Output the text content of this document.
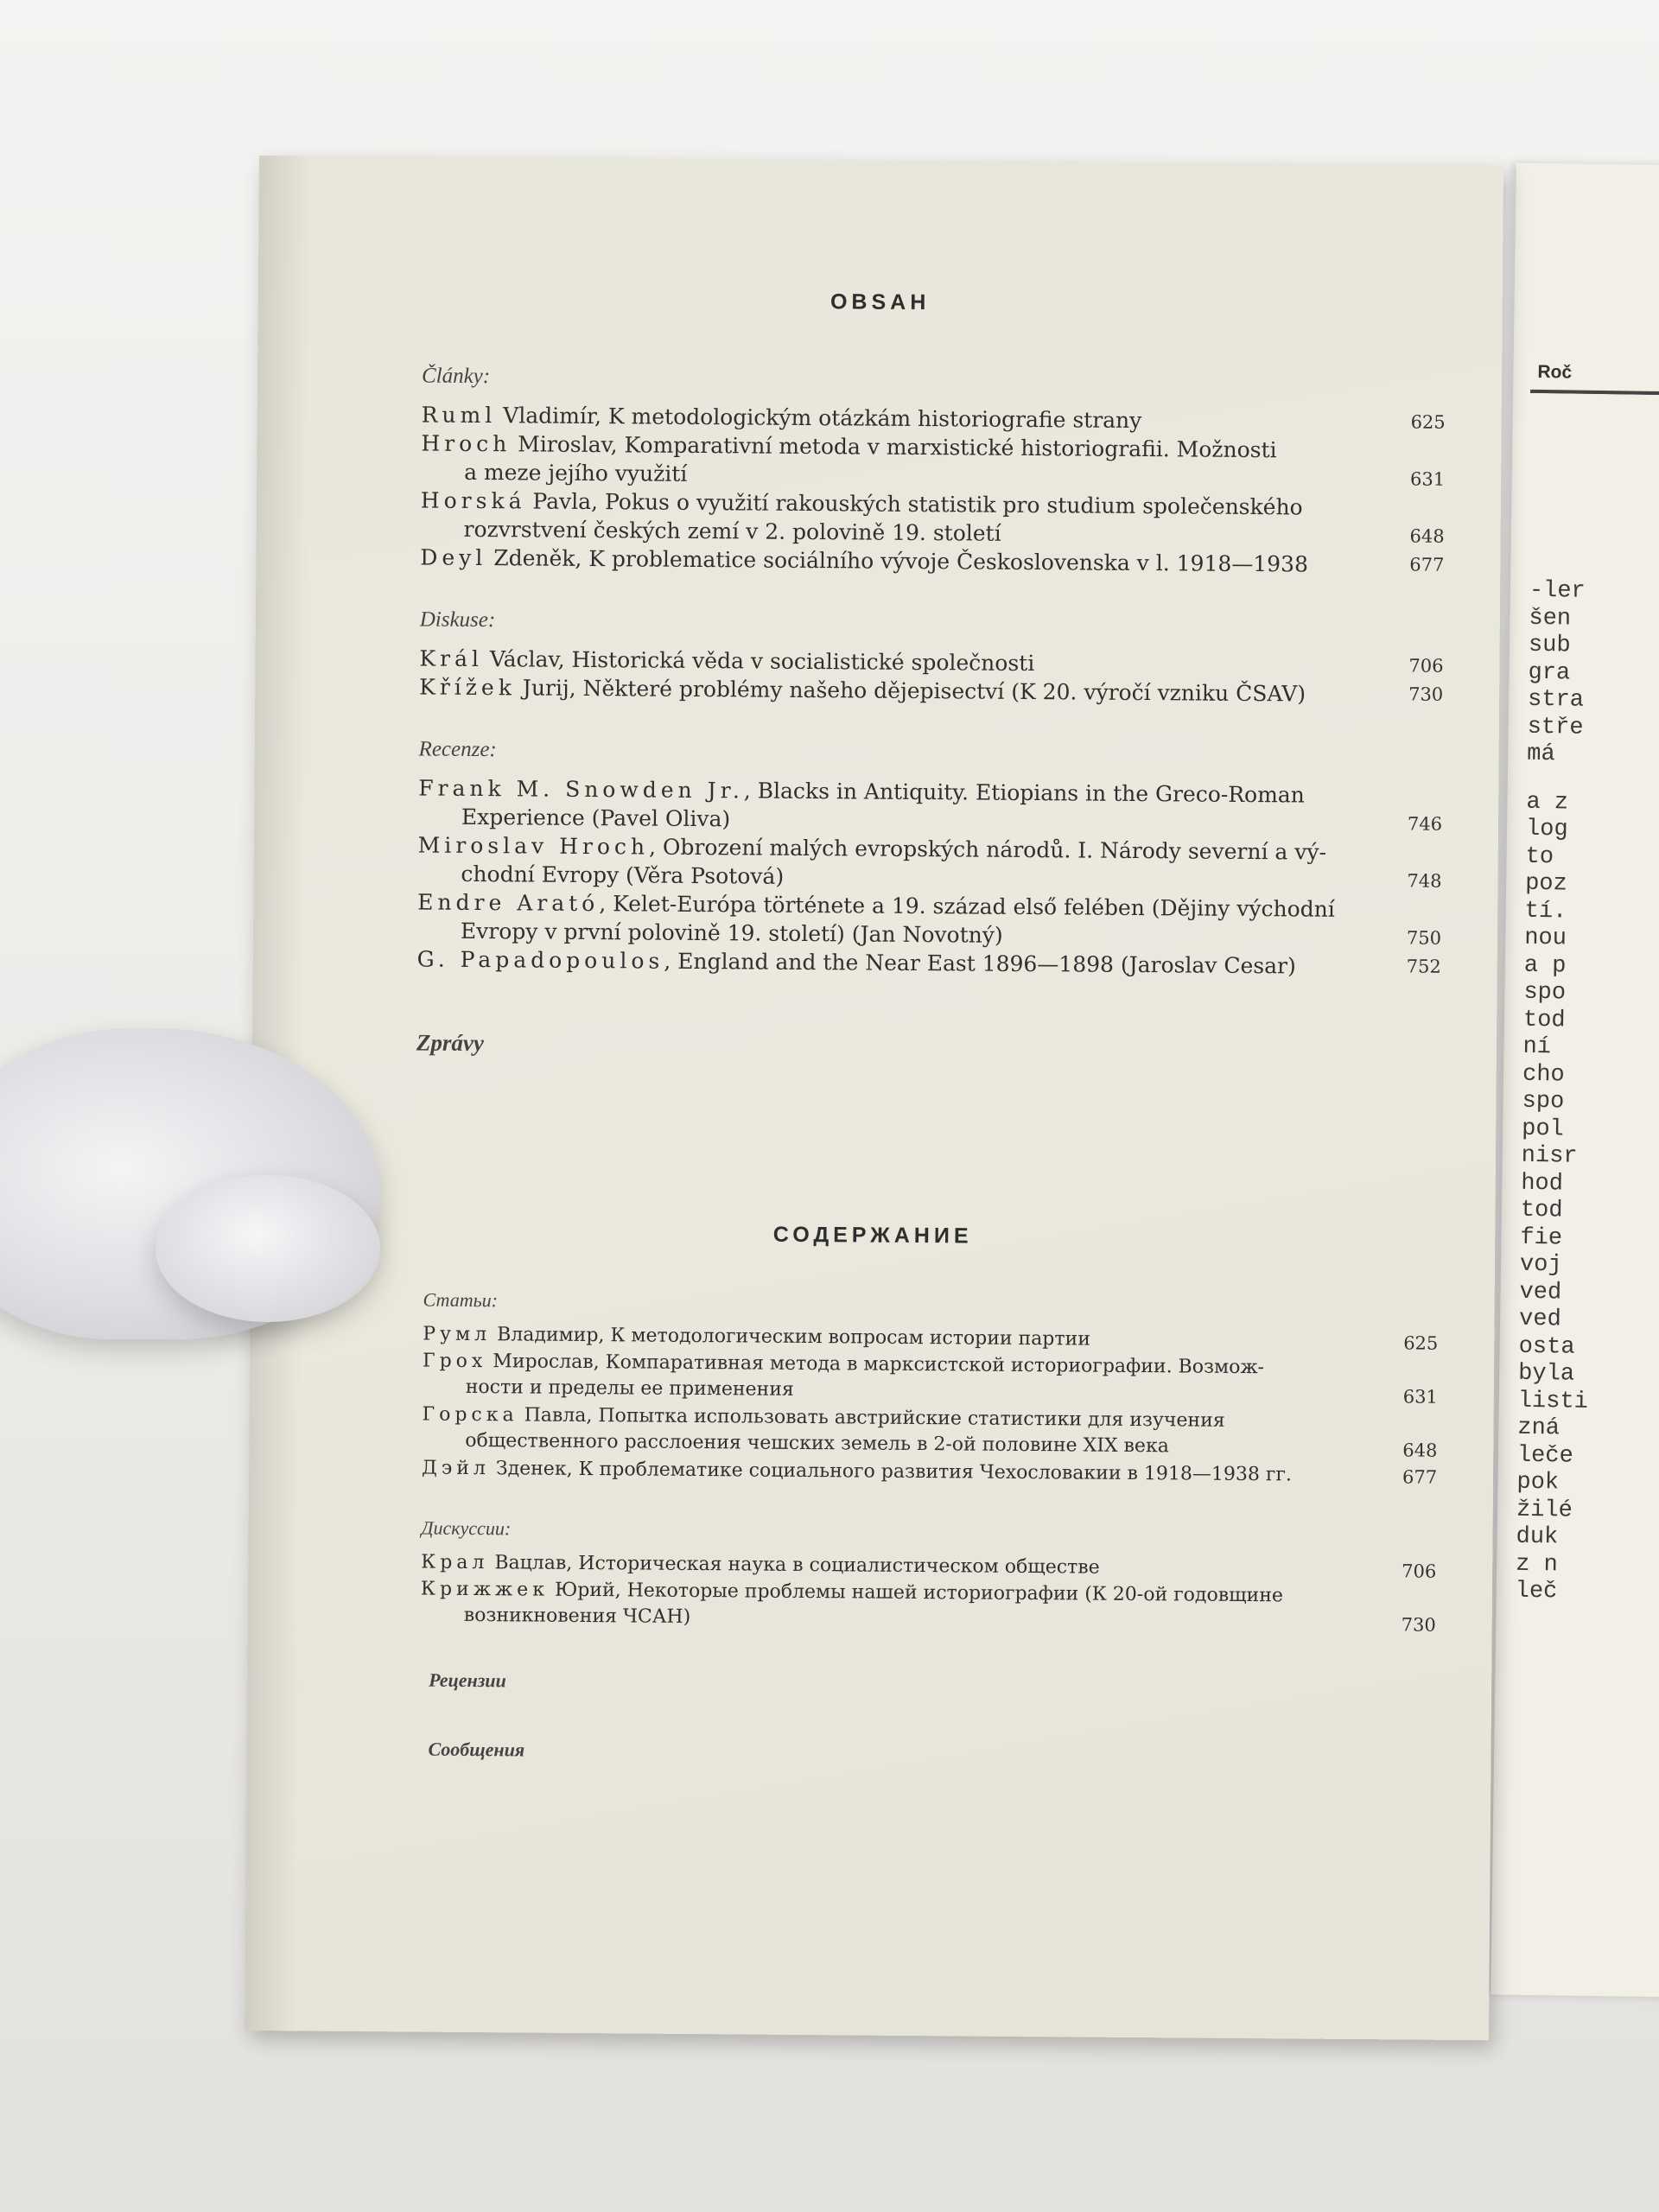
Roč
-ler
šen
sub
gra
stra
stře
má
a z
log
to
poz
tí.
nou
a p
spo
tod
ní
cho
spo
pol
nisr
hod
tod
fie
voj
ved
ved
osta
byla
listi
zná
leče
pok
žilé
duk
z n
leč
OBSAH
Články:
Ruml Vladimír, K metodologickým otázkám historiografie strany	625
Hroch Miroslav, Komparativní metoda v marxistické historiografii. Možnosti
a meze jejího využití	631
Horská Pavla, Pokus o využití rakouských statistik pro studium společenského
rozvrstvení českých zemí v 2. polovině 19. století	648
Deyl Zdeněk, K problematice sociálního vývoje Československa v l. 1918—1938	677
Diskuse:
Král Václav, Historická věda v socialistické společnosti	706
Křížek Jurij, Některé problémy našeho dějepisectví (K 20. výročí vzniku ČSAV)	730
Recenze:
Frank M. Snowden Jr., Blacks in Antiquity. Etiopians in the Greco-Roman
Experience (Pavel Oliva)	746
Miroslav Hroch, Obrození malých evropských národů. I. Národy severní a vý-
chodní Evropy (Věra Psotová)	748
Endre Arató, Kelet-Európa története a 19. század első felében (Dějiny východní
Evropy v první polovině 19. století) (Jan Novotný)	750
G. Papadopoulos, England and the Near East 1896—1898 (Jaroslav Cesar)	752
Zprávy
СОДЕРЖАНИЕ
Статьи:
Румл Владимир, К методологическим вопросам истории партии	625
Грох Мирослав, Компаративная метода в марксистской историографии. Возмож-
ности и пределы ее применения	631
Горска Павла, Попытка использовать австрийские статистики для изучения
общественного расслоения чешских земель в 2-ой половине XIX века	648
Дэйл Зденек, К проблематике социального развития Чехословакии в 1918—1938 гг.	677
Дискуссии:
Крал Вацлав, Историческая наука в социалистическом обществе	706
Крижжек Юрий, Некоторые проблемы нашей историографии (К 20-ой годовщине
возникновения ЧСАН)	730
Рецензии
Сообщения
